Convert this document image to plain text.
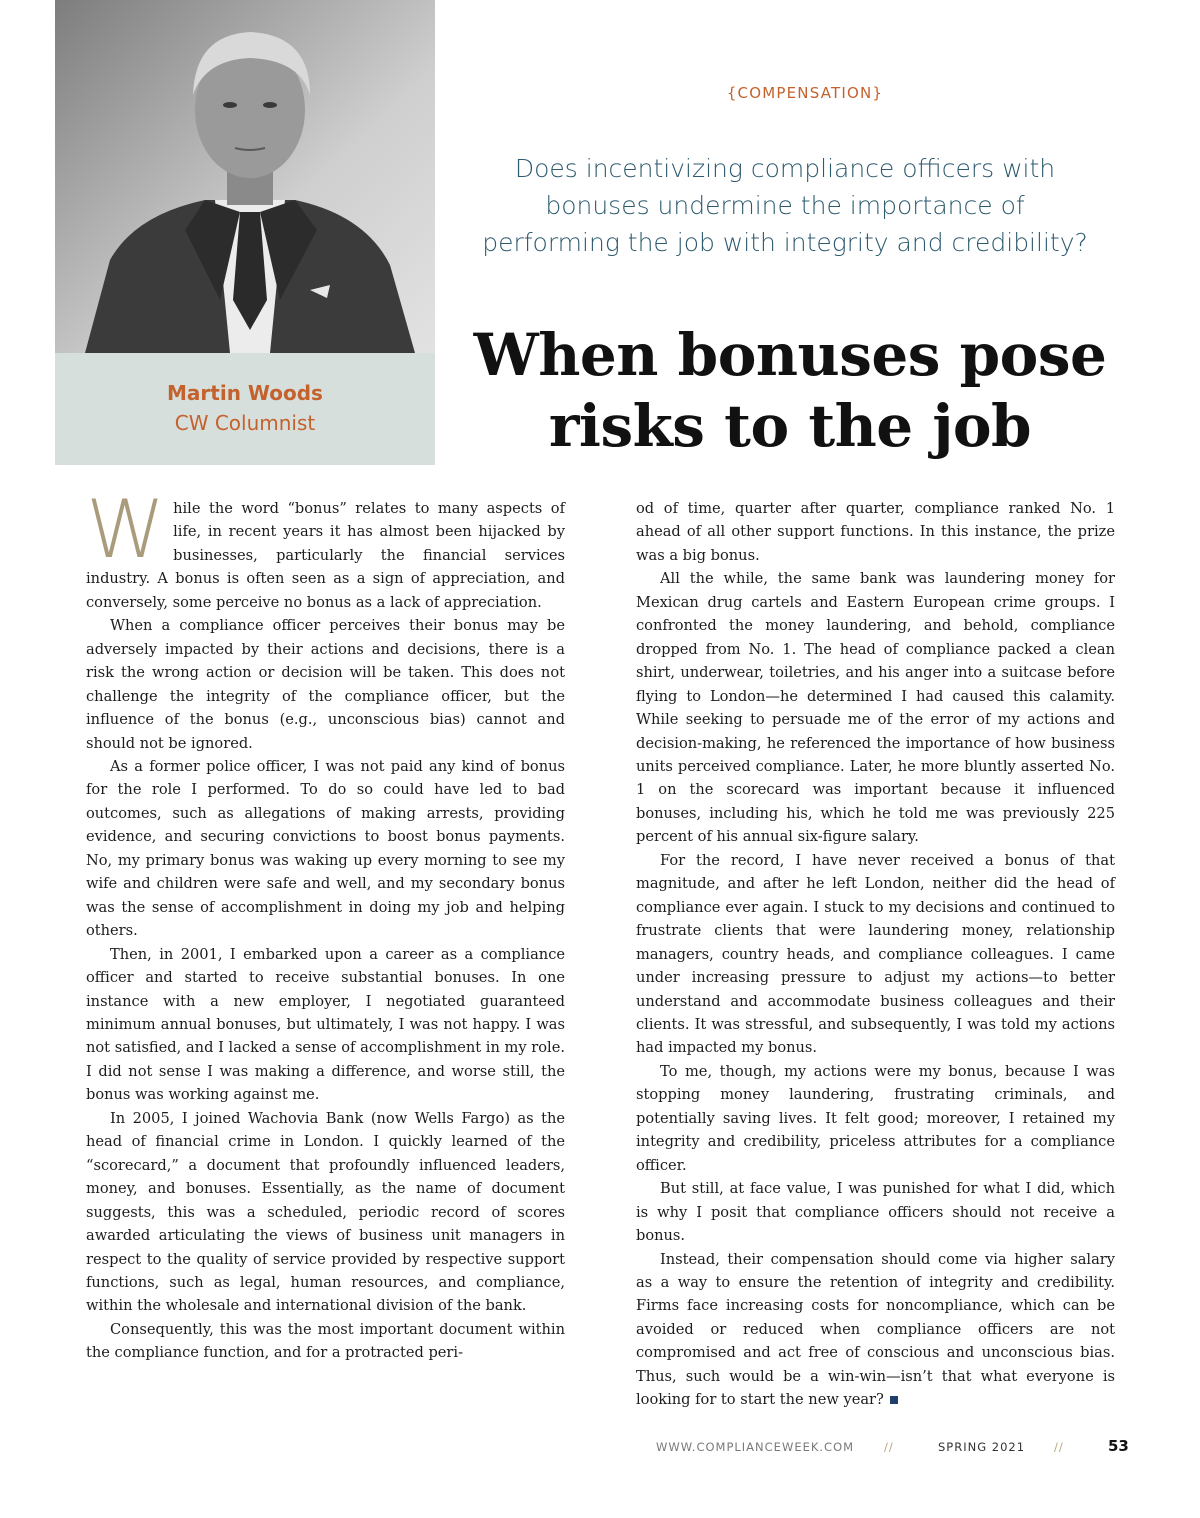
Martin Woods
CW Columnist
{COMPENSATION}
Does incentivizing compliance officers with bonuses undermine the importance of performing the job with integrity and credibility?
When bonuses pose
risks to the job

While the word “bonus” relates to many aspects of life, in recent years it has almost been hijacked by businesses, particularly the financial services industry. A bonus is often seen as a sign of appreciation, and conversely, some perceive no bonus as a lack of appreciation.

When a compliance officer perceives their bonus may be adversely impacted by their actions and decisions, there is a risk the wrong action or decision will be taken. This does not challenge the integrity of the compliance officer, but the influence of the bonus (e.g., unconscious bias) cannot and should not be ignored.

As a former police officer, I was not paid any kind of bonus for the role I performed. To do so could have led to bad outcomes, such as allegations of making arrests, providing evidence, and securing convictions to boost bonus payments. No, my primary bonus was waking up every morning to see my wife and children were safe and well, and my secondary bonus was the sense of accomplishment in doing my job and helping others.

Then, in 2001, I embarked upon a career as a compliance officer and started to receive substantial bonuses. In one instance with a new employer, I negotiated guaranteed minimum annual bonuses, but ultimately, I was not happy. I was not satisfied, and I lacked a sense of accomplishment in my role. I did not sense I was making a difference, and worse still, the bonus was working against me.

In 2005, I joined Wachovia Bank (now Wells Fargo) as the head of financial crime in London. I quickly learned of the “scorecard,” a document that profoundly influenced leaders, money, and bonuses. Essentially, as the name of document suggests, this was a scheduled, periodic record of scores awarded articulating the views of business unit managers in respect to the quality of service provided by respective support functions, such as legal, human resources, and compliance, within the wholesale and international division of the bank.

Consequently, this was the most important document within the compliance function, and for a protracted peri-

od of time, quarter after quarter, compliance ranked No. 1 ahead of all other support functions. In this instance, the prize was a big bonus.

All the while, the same bank was laundering money for Mexican drug cartels and Eastern European crime groups. I confronted the money laundering, and behold, compliance dropped from No. 1. The head of compliance packed a clean shirt, underwear, toiletries, and his anger into a suitcase before flying to London—he determined I had caused this calamity. While seeking to persuade me of the error of my actions and decision-making, he referenced the importance of how business units perceived compliance. Later, he more bluntly asserted No. 1 on the scorecard was important because it influenced bonuses, including his, which he told me was previously 225 percent of his annual six-figure salary.

For the record, I have never received a bonus of that magnitude, and after he left London, neither did the head of compliance ever again. I stuck to my decisions and continued to frustrate clients that were laundering money, relationship managers, country heads, and compliance colleagues. I came under increasing pressure to adjust my actions—to better understand and accommodate business colleagues and their clients. It was stressful, and subsequently, I was told my actions had impacted my bonus.

To me, though, my actions were my bonus, because I was stopping money laundering, frustrating criminals, and potentially saving lives. It felt good; moreover, I retained my integrity and credibility, priceless attributes for a compliance officer.

But still, at face value, I was punished for what I did, which is why I posit that compliance officers should not receive a bonus.

Instead, their compensation should come via higher salary as a way to ensure the retention of integrity and credibility. Firms face increasing costs for noncompliance, which can be avoided or reduced when compliance officers are not compromised and act free of conscious and unconscious bias. Thus, such would be a win-win—isn’t that what everyone is looking for to start the new year?

WWW.COMPLIANCEWEEK.COM	//	SPRING 2021	//	53
